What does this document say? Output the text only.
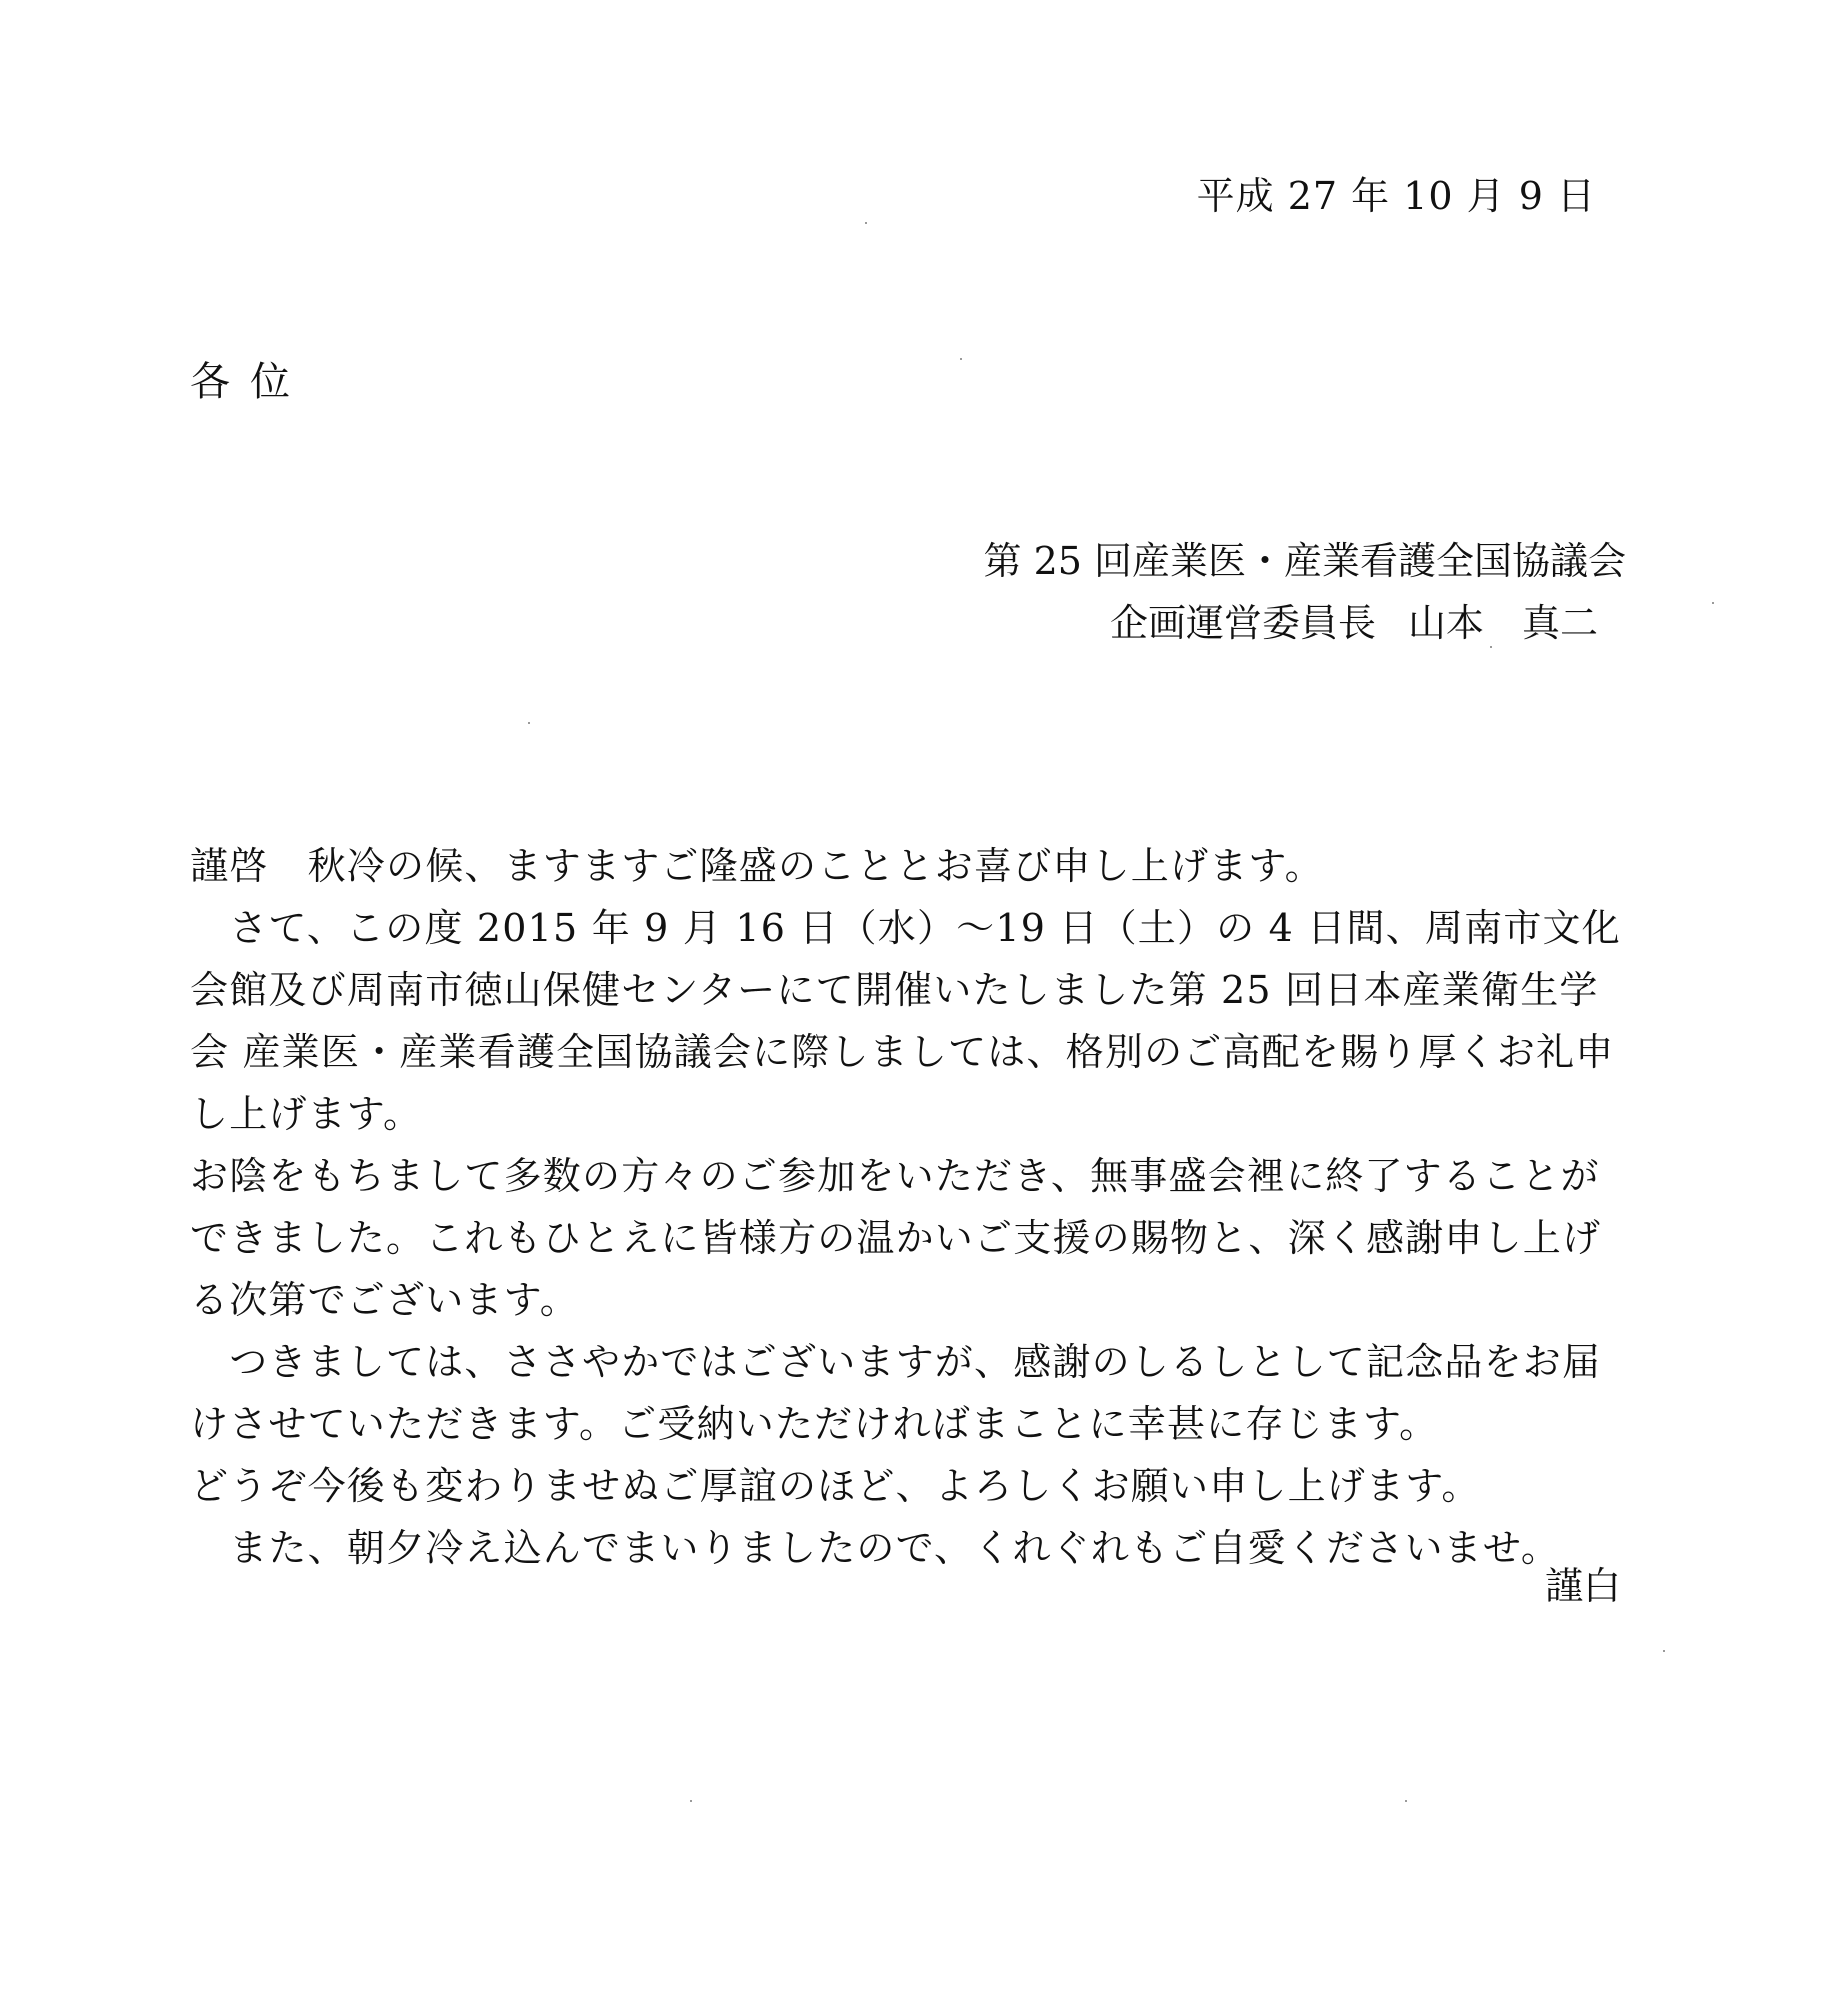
平成 27 年 10 月 9 日
各位
第 25 回産業医・産業看護全国協議会
企画運営委員長 山本　真二

謹啓　秋冷の候、ますますご隆盛のこととお喜び申し上げます。

　さて、この度 2015 年 9 月 16 日（水）～19 日（土）の 4 日間、周南市文化会館及び周南市徳山保健センターにて開催いたしました第 25 回日本産業衛生学会 産業医・産業看護全国協議会に際しましては、格別のご高配を賜り厚くお礼申し上げます。

お陰をもちまして多数の方々のご参加をいただき、無事盛会裡に終了することができました。これもひとえに皆様方の温かいご支援の賜物と、深く感謝申し上げる次第でございます。

　つきましては、ささやかではございますが、感謝のしるしとして記念品をお届けさせていただきます。ご受納いただければまことに幸甚に存じます。

どうぞ今後も変わりませぬご厚誼のほど、よろしくお願い申し上げます。

　また、朝夕冷え込んでまいりましたので、くれぐれもご自愛くださいませ。

謹白
